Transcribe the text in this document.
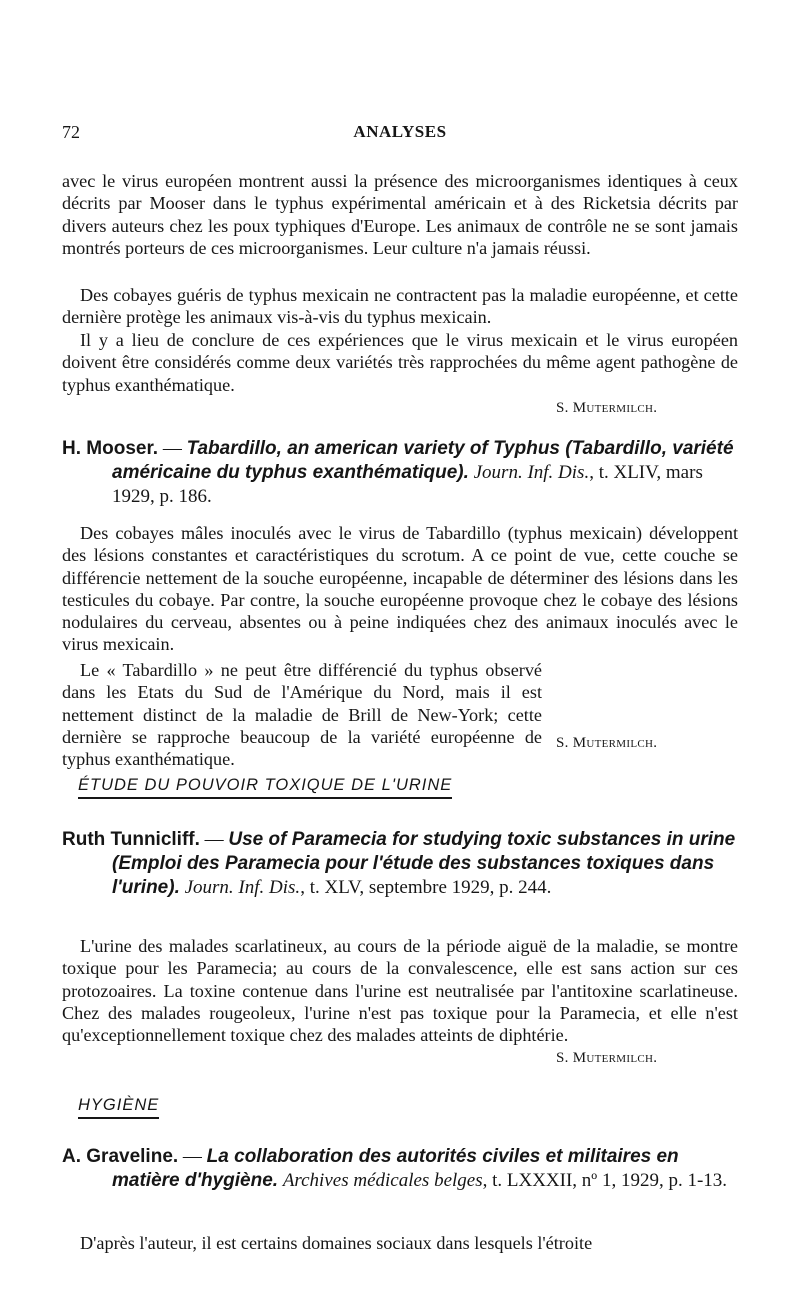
72	ANALYSES

avec le virus européen montrent aussi la présence des microorganismes identiques à ceux décrits par Mooser dans le typhus expérimental américain et à des Ricketsia décrits par divers auteurs chez les poux typhiques d'Europe. Les animaux de contrôle ne se sont jamais montrés porteurs de ces microorganismes. Leur culture n'a jamais réussi.

Des cobayes guéris de typhus mexicain ne contractent pas la maladie européenne, et cette dernière protège les animaux vis-à-vis du typhus mexicain.

Il y a lieu de conclure de ces expériences que le virus mexicain et le virus européen doivent être considérés comme deux variétés très rapprochées du même agent pathogène de typhus exanthématique.

S. Mutermilch.

H. Mooser. — Tabardillo, an american variety of Typhus (Tabardillo, variété américaine du typhus exanthématique). Journ. Inf. Dis., t. XLIV, mars 1929, p. 186.

Des cobayes mâles inoculés avec le virus de Tabardillo (typhus mexicain) développent des lésions constantes et caractéristiques du scrotum. A ce point de vue, cette couche se différencie nettement de la souche européenne, incapable de déterminer des lésions dans les testicules du cobaye. Par contre, la souche européenne provoque chez le cobaye des lésions nodulaires du cerveau, absentes ou à peine indiquées chez des animaux inoculés avec le virus mexicain.

Le « Tabardillo » ne peut être différencié du typhus observé dans les Etats du Sud de l'Amérique du Nord, mais il est nettement distinct de la maladie de Brill de New-York; cette dernière se rapproche beaucoup de la variété européenne de typhus exanthématique.

S. Mutermilch.
ÉTUDE DU POUVOIR TOXIQUE DE L'URINE

Ruth Tunnicliff. — Use of Paramecia for studying toxic substances in urine (Emploi des Paramecia pour l'étude des substances toxiques dans l'urine). Journ. Inf. Dis., t. XLV, septembre 1929, p. 244.

L'urine des malades scarlatineux, au cours de la période aiguë de la maladie, se montre toxique pour les Paramecia; au cours de la convalescence, elle est sans action sur ces protozoaires. La toxine contenue dans l'urine est neutralisée par l'antitoxine scarlatineuse. Chez des malades rougeoleux, l'urine n'est pas toxique pour la Paramecia, et elle n'est qu'exceptionnellement toxique chez des malades atteints de diphtérie.

S. Mutermilch.
HYGIÈNE

A. Graveline. — La collaboration des autorités civiles et militaires en matière d'hygiène. Archives médicales belges, t. LXXXII, nº 1, 1929, p. 1-13.

D'après l'auteur, il est certains domaines sociaux dans lesquels l'étroite
